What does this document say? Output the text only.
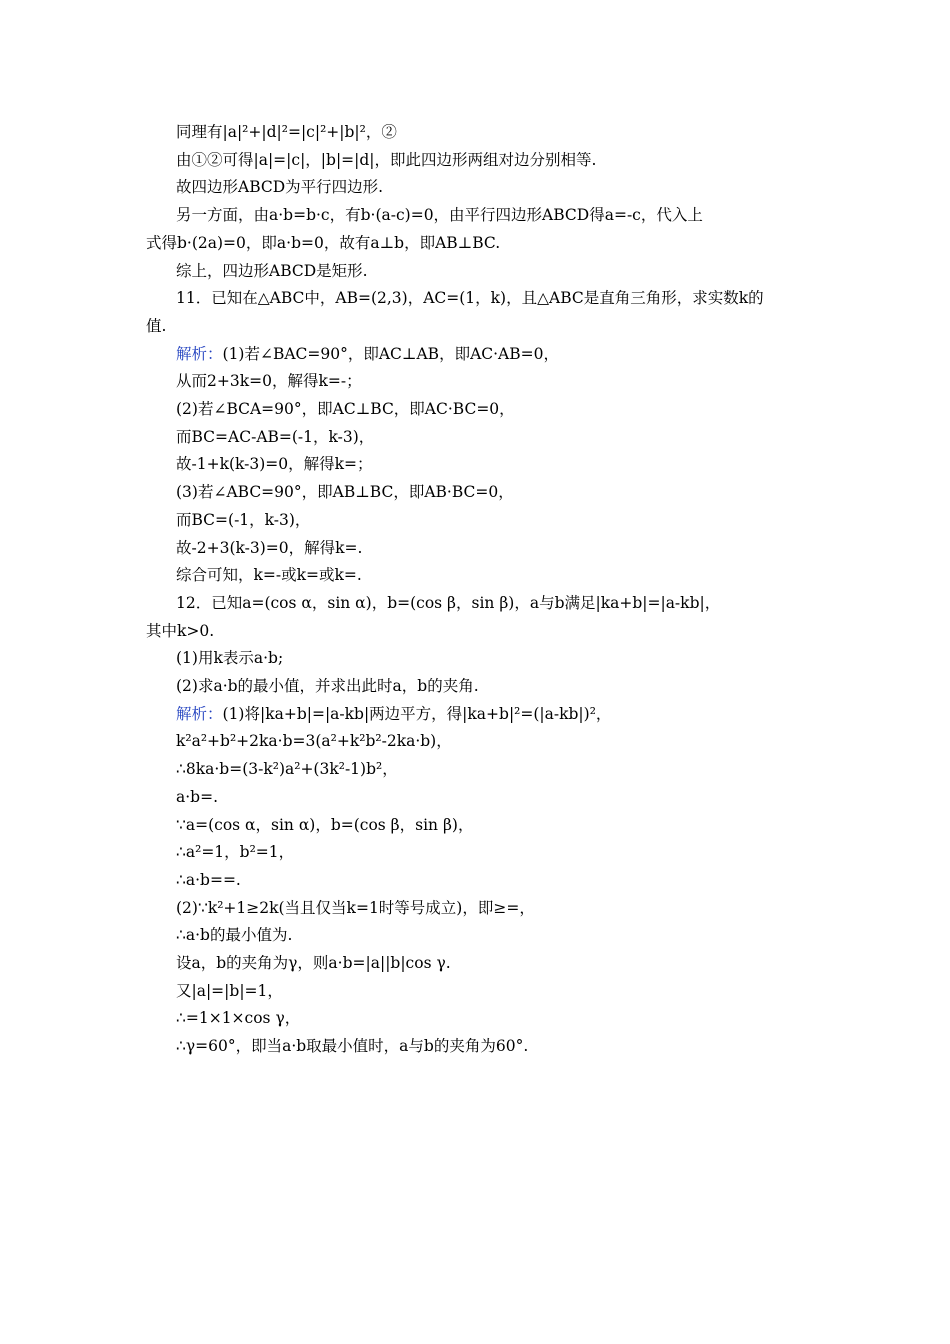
同理有|a|²+|d|²=|c|²+|b|²，②
由①②可得|a|=|c|，|b|=|d|，即此四边形两组对边分别相等.
故四边形ABCD为平行四边形.
另一方面，由a·b=b·c，有b·(a-c)=0，由平行四边形ABCD得a=-c，代入上
式得b·(2a)=0，即a·b=0，故有a⊥b，即AB⊥BC.
综上，四边形ABCD是矩形.
11．已知在△ABC中，AB=(2,3)，AC=(1，k)，且△ABC是直角三角形，求实数k的
值.
解析：(1)若∠BAC=90°，即AC⊥AB，即AC·AB=0，
从而2+3k=0，解得k=-；
(2)若∠BCA=90°，即AC⊥BC，即AC·BC=0，
而BC=AC-AB=(-1，k-3)，
故-1+k(k-3)=0，解得k=；
(3)若∠ABC=90°，即AB⊥BC，即AB·BC=0，
而BC=(-1，k-3)，
故-2+3(k-3)=0，解得k=.
综合可知，k=-或k=或k=.
12．已知a=(cos α，sin α)，b=(cos β，sin β)，a与b满足|ka+b|=|a-kb|，
其中k>0.
(1)用k表示a·b;
(2)求a·b的最小值，并求出此时a，b的夹角.
解析：(1)将|ka+b|=|a-kb|两边平方，得|ka+b|²=(|a-kb|)²，
k²a²+b²+2ka·b=3(a²+k²b²-2ka·b)，
∴8ka·b=(3-k²)a²+(3k²-1)b²，
a·b=.
∵a=(cos α，sin α)，b=(cos β，sin β)，
∴a²=1，b²=1，
∴a·b==.
(2)∵k²+1≥2k(当且仅当k=1时等号成立)，即≥=，
∴a·b的最小值为.
设a，b的夹角为γ，则a·b=|a||b|cos γ.
又|a|=|b|=1，
∴=1×1×cos γ，
∴γ=60°，即当a·b取最小值时，a与b的夹角为60°.
